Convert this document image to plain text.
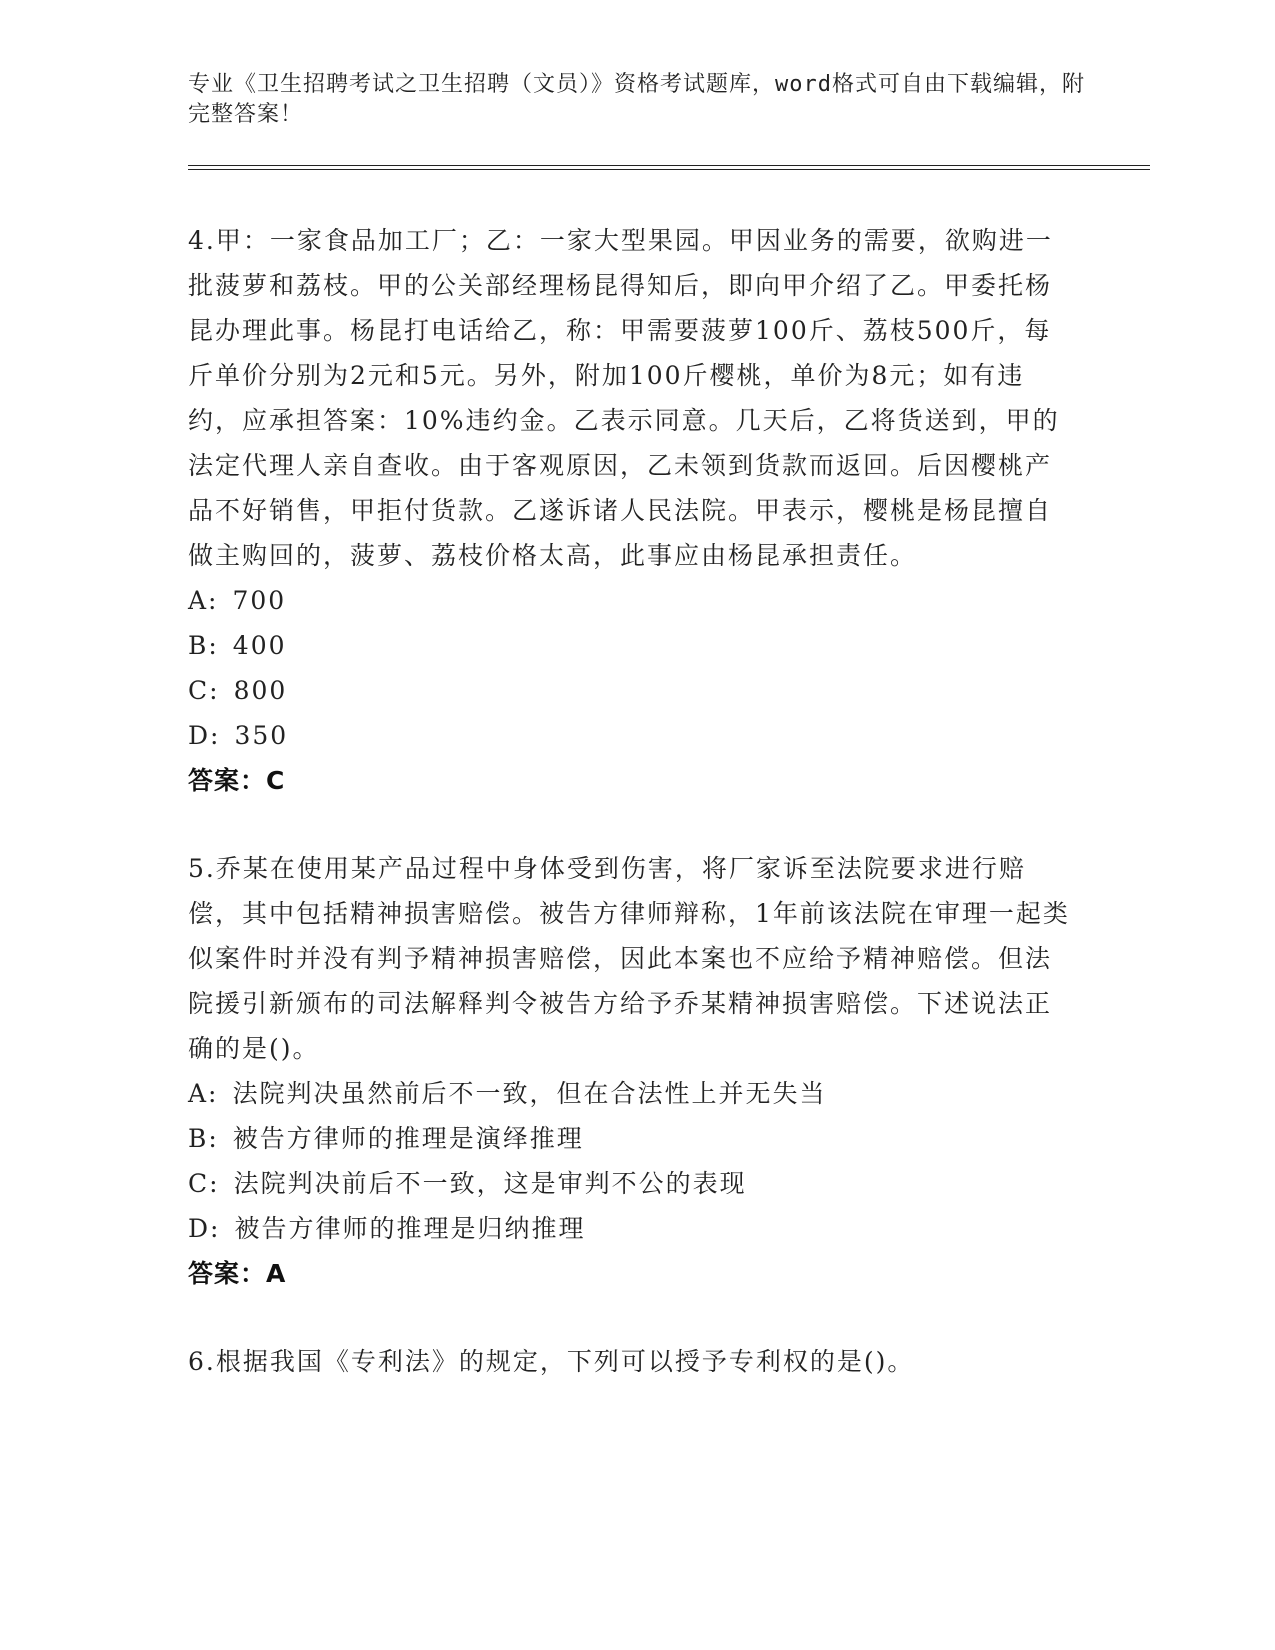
专业《卫生招聘考试之卫生招聘（文员）》资格考试题库，word格式可自由下载编辑，附完整答案！
4.甲：一家食品加工厂；乙：一家大型果园。甲因业务的需要，欲购进一批菠萝和荔枝。甲的公关部经理杨昆得知后，即向甲介绍了乙。甲委托杨昆办理此事。杨昆打电话给乙，称：甲需要菠萝100斤、荔枝500斤，每斤单价分别为2元和5元。另外，附加100斤樱桃，单价为8元；如有违约，应承担答案：10%违约金。乙表示同意。几天后，乙将货送到，甲的法定代理人亲自查收。由于客观原因，乙未领到货款而返回。后因樱桃产品不好销售，甲拒付货款。乙遂诉诸人民法院。甲表示，樱桃是杨昆擅自做主购回的，菠萝、荔枝价格太高，此事应由杨昆承担责任。
A: 700
B: 400
C: 800
D: 350
答案：C
5.乔某在使用某产品过程中身体受到伤害，将厂家诉至法院要求进行赔偿，其中包括精神损害赔偿。被告方律师辩称，1年前该法院在审理一起类似案件时并没有判予精神损害赔偿，因此本案也不应给予精神赔偿。但法院援引新颁布的司法解释判令被告方给予乔某精神损害赔偿。下述说法正确的是()。
A: 法院判决虽然前后不一致，但在合法性上并无失当
B: 被告方律师的推理是演绎推理
C: 法院判决前后不一致，这是审判不公的表现
D: 被告方律师的推理是归纳推理
答案：A
6.根据我国《专利法》的规定，下列可以授予专利权的是()。
